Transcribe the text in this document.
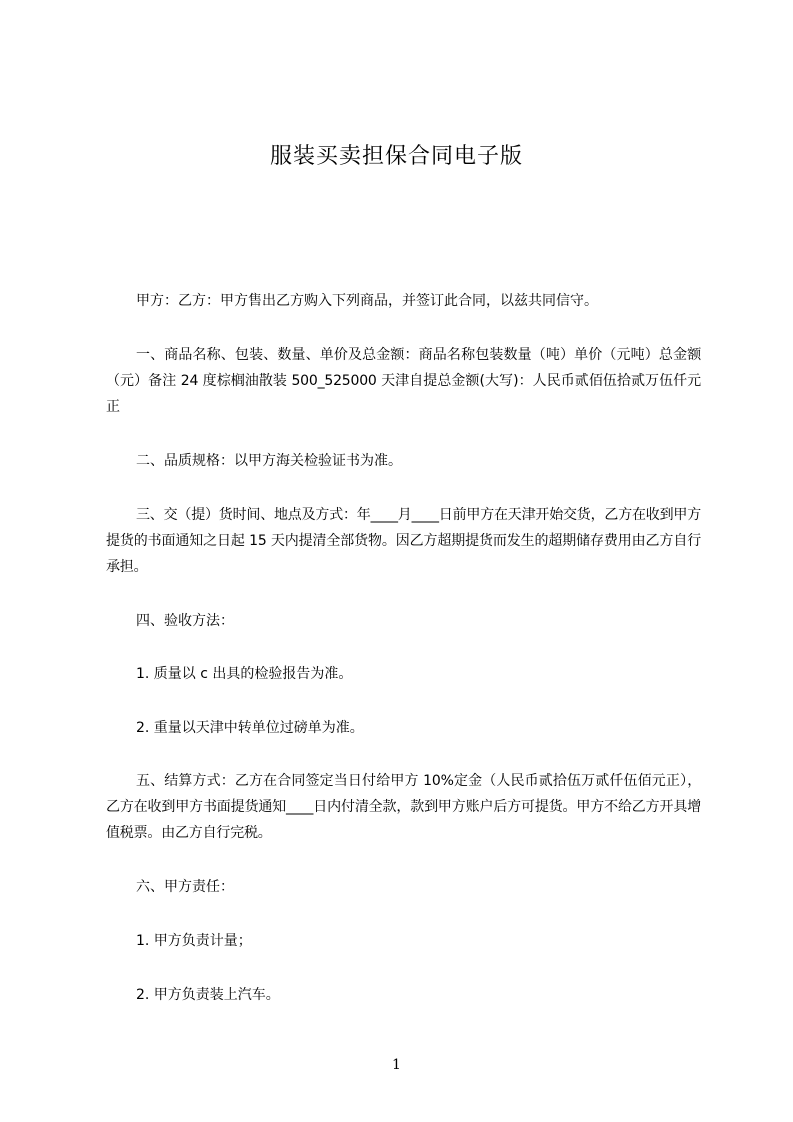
服装买卖担保合同电子版

甲方：乙方：甲方售出乙方购入下列商品，并签订此合同，以兹共同信守。

一、商品名称、包装、数量、单价及总金额：商品名称包装数量（吨）单价（元吨）总金额（元）备注 24 度棕榈油散装 500_525000 天津自提总金额(大写)：人民币贰佰伍拾贰万伍仟元正

二、品质规格：以甲方海关检验证书为准。

三、交（提）货时间、地点及方式：年____月____日前甲方在天津开始交货，乙方在收到甲方提货的书面通知之日起 15 天内提清全部货物。因乙方超期提货而发生的超期储存费用由乙方自行承担。

四、验收方法：

1. 质量以 c 出具的检验报告为准。

2. 重量以天津中转单位过磅单为准。

五、结算方式：乙方在合同签定当日付给甲方 10%定金（人民币贰拾伍万贰仟伍佰元正），乙方在收到甲方书面提货通知____日内付清全款，款到甲方账户后方可提货。甲方不给乙方开具增值税票。由乙方自行完税。

六、甲方责任：

1. 甲方负责计量；

2. 甲方负责装上汽车。

1
